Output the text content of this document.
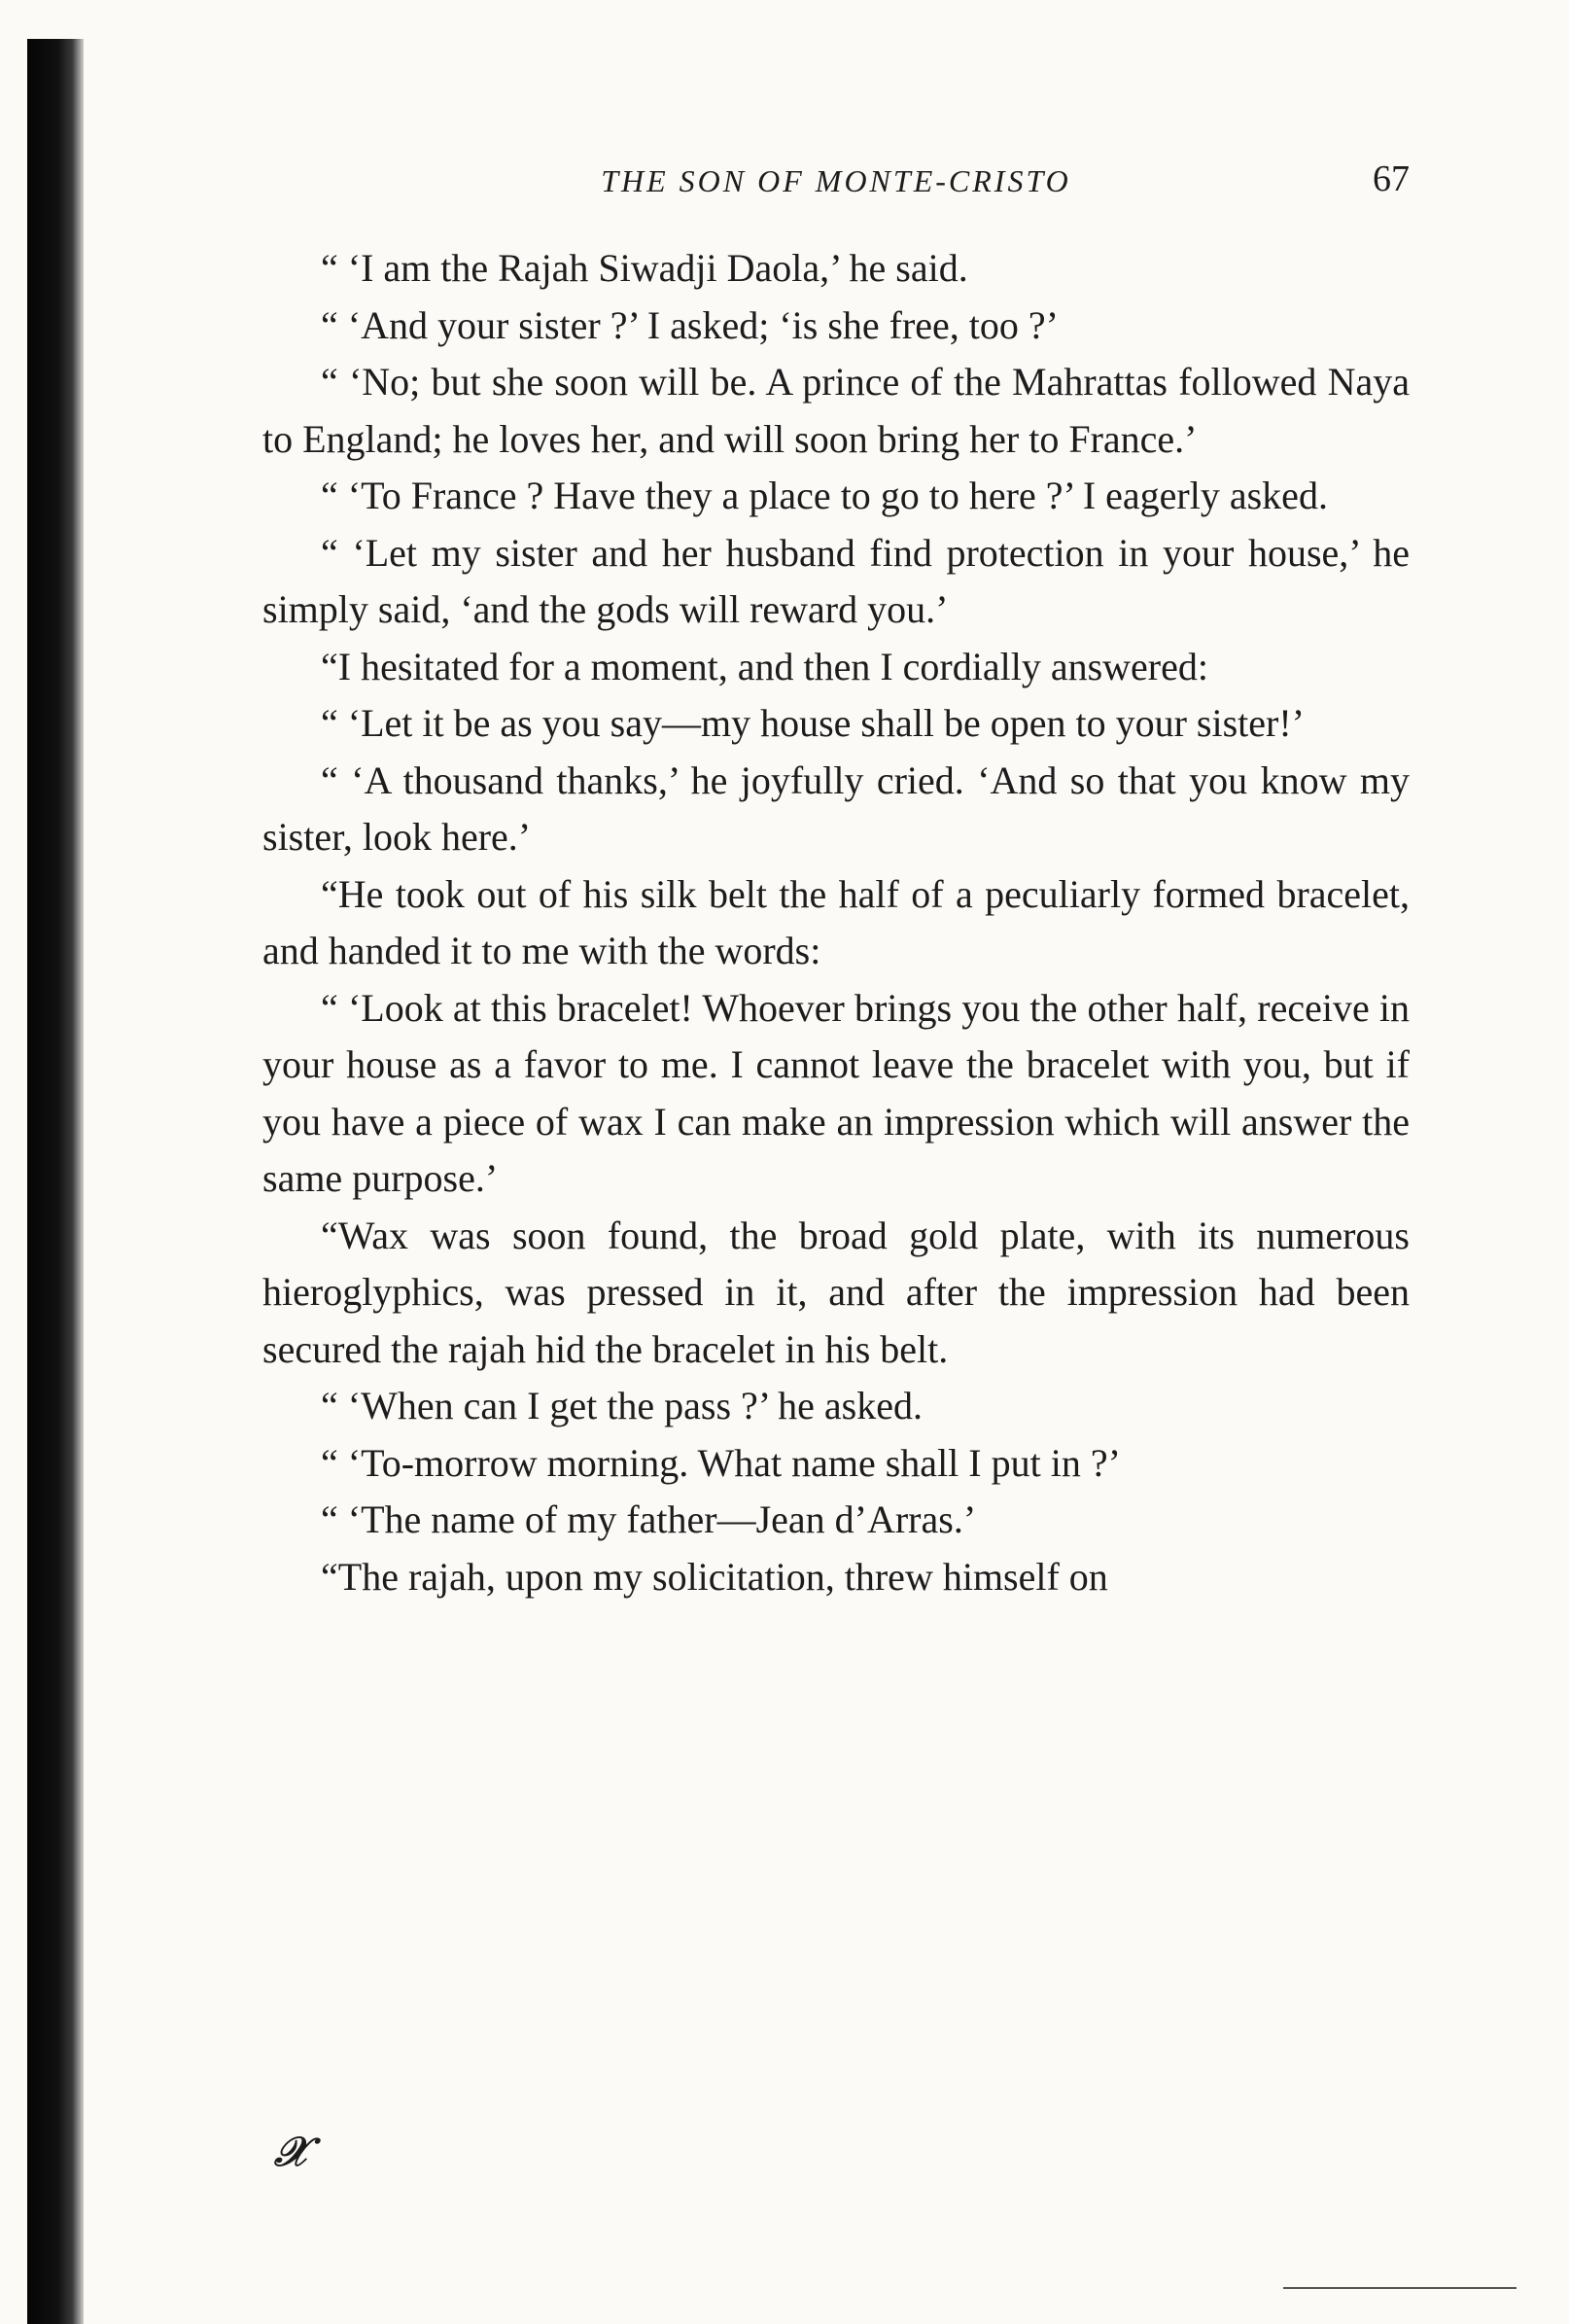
THE SON OF MONTE-CRISTO	67

“ ‘I am the Rajah Siwadji Daola,’ he said.

“ ‘And your sister ?’ I asked; ‘is she free, too ?’

“ ‘No; but she soon will be. A prince of the Mahrattas followed Naya to England; he loves her, and will soon bring her to France.’

“ ‘To France ? Have they a place to go to here ?’ I eagerly asked.

“ ‘Let my sister and her husband find protection in your house,’ he simply said, ‘and the gods will reward you.’

“I hesitated for a moment, and then I cordially answered:

“ ‘Let it be as you say—my house shall be open to your sister!’

“ ‘A thousand thanks,’ he joyfully cried. ‘And so that you know my sister, look here.’

“He took out of his silk belt the half of a peculiarly formed bracelet, and handed it to me with the words:

“ ‘Look at this bracelet! Whoever brings you the other half, receive in your house as a favor to me. I cannot leave the bracelet with you, but if you have a piece of wax I can make an impression which will answer the same purpose.’

“Wax was soon found, the broad gold plate, with its numerous hieroglyphics, was pressed in it, and after the impression had been secured the rajah hid the bracelet in his belt.

“ ‘When can I get the pass ?’ he asked.

“ ‘To-morrow morning. What name shall I put in ?’

“ ‘The name of my father—Jean d’Arras.’

“The rajah, upon my solicitation, threw himself on

𝒳
